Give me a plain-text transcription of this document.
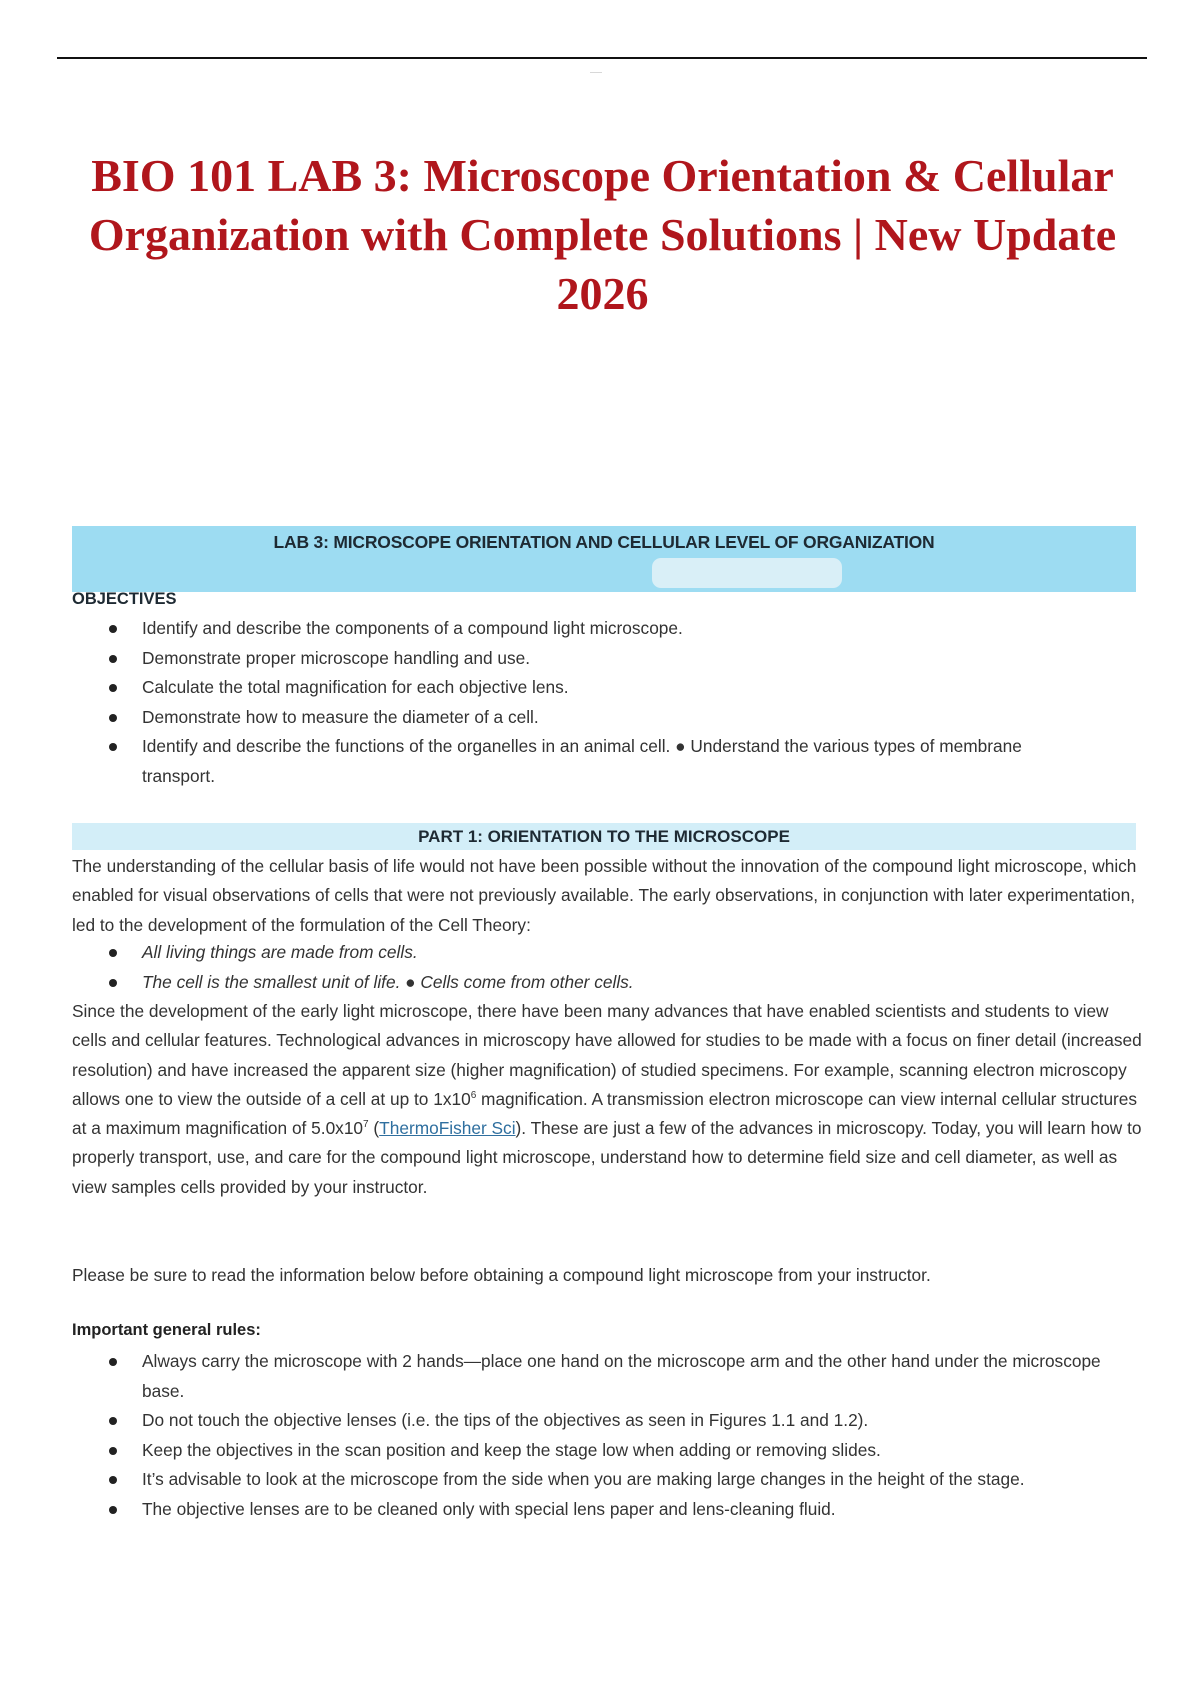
------
BIO 101 LAB 3: Microscope Orientation & Cellular Organization with Complete Solutions | New Update 2026
LAB 3: MICROSCOPE ORIENTATION AND CELLULAR LEVEL OF ORGANIZATION

OBJECTIVES

Identify and describe the components of a compound light microscope.
Demonstrate proper microscope handling and use.
Calculate the total magnification for each objective lens.
Demonstrate how to measure the diameter of a cell.
Identify and describe the functions of the organelles in an animal cell. ● Understand the various types of membrane transport.
PART 1: ORIENTATION TO THE MICROSCOPE

The understanding of the cellular basis of life would not have been possible without the innovation of the compound light microscope, which enabled for visual observations of cells that were not previously available. The early observations, in conjunction with later experimentation, led to the development of the formulation of the Cell Theory:

All living things are made from cells.
The cell is the smallest unit of life. ● Cells come from other cells.

Since the development of the early light microscope, there have been many advances that have enabled scientists and students to view cells and cellular features. Technological advances in microscopy have allowed for studies to be made with a focus on finer detail (increased resolution) and have increased the apparent size (higher magnification) of studied specimens. For example, scanning electron microscopy allows one to view the outside of a cell at up to $1x10^6$ magnification. A transmission electron microscope can view internal cellular structures at a maximum magnification of $5.0x10^7$ (ThermoFisher Sci). These are just a few of the advances in microscopy. Today, you will learn how to properly transport, use, and care for the compound light microscope, understand how to determine field size and cell diameter, as well as view samples cells provided by your instructor.

Please be sure to read the information below before obtaining a compound light microscope from your instructor.

Important general rules:

Always carry the microscope with 2 hands—place one hand on the microscope arm and the other hand under the microscope base.
Do not touch the objective lenses (i.e. the tips of the objectives as seen in Figures 1.1 and 1.2).
Keep the objectives in the scan position and keep the stage low when adding or removing slides.
It’s advisable to look at the microscope from the side when you are making large changes in the height of the stage.
The objective lenses are to be cleaned only with special lens paper and lens-cleaning fluid.
